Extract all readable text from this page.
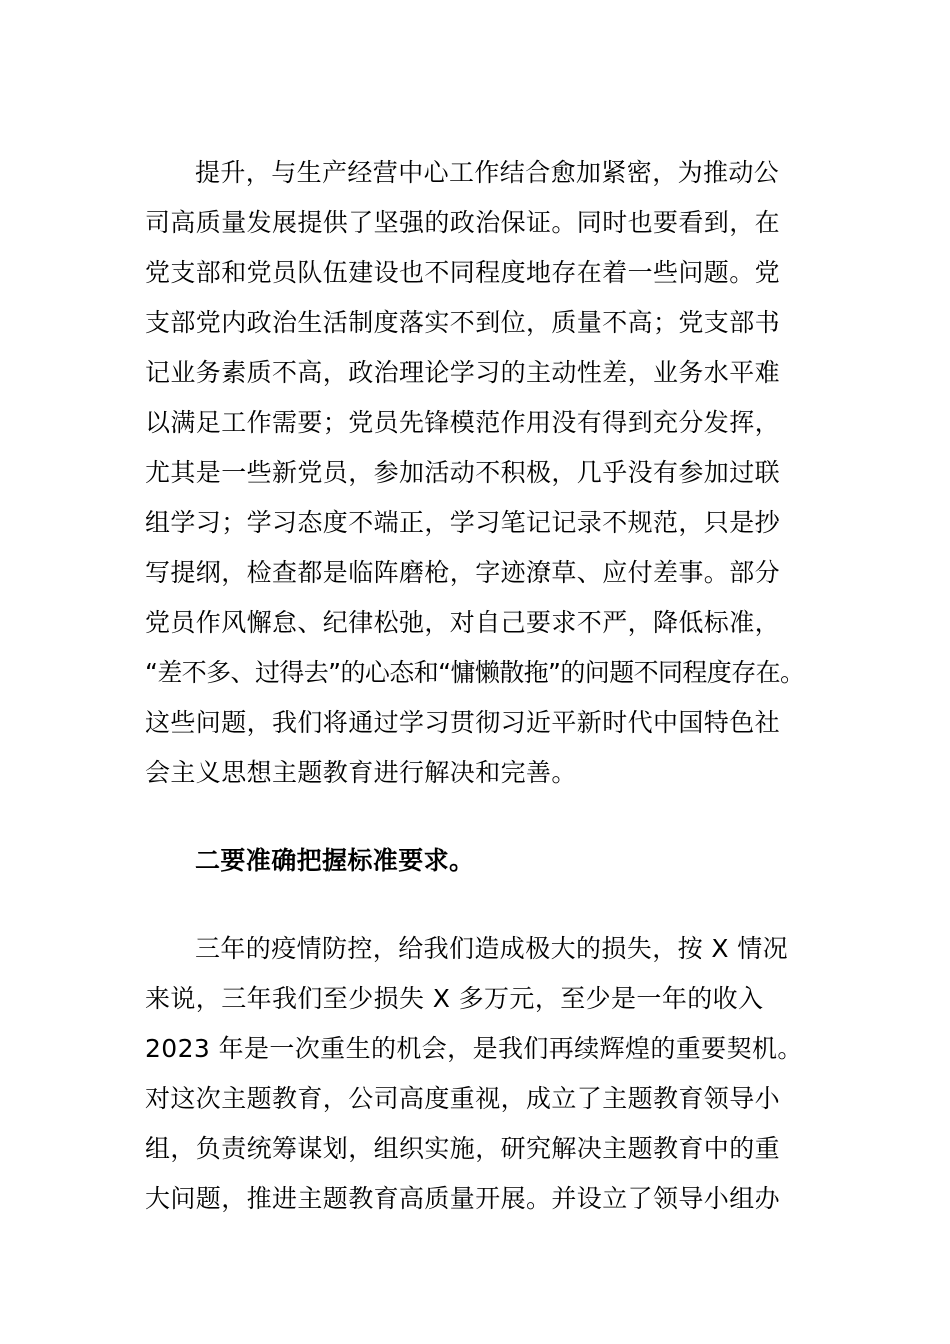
提升，与生产经营中心工作结合愈加紧密，为推动公
司高质量发展提供了坚强的政治保证。同时也要看到，在
党支部和党员队伍建设也不同程度地存在着一些问题。党
支部党内政治生活制度落实不到位，质量不高；党支部书
记业务素质不高，政治理论学习的主动性差，业务水平难
以满足工作需要；党员先锋模范作用没有得到充分发挥，
尤其是一些新党员，参加活动不积极，几乎没有参加过联
组学习；学习态度不端正，学习笔记记录不规范，只是抄
写提纲，检查都是临阵磨枪，字迹潦草、应付差事。部分
党员作风懈怠、纪律松弛，对自己要求不严，降低标准，
“差不多、过得去”的心态和“慵懒散拖”的问题不同程度存在。
这些问题，我们将通过学习贯彻习近平新时代中国特色社
会主义思想主题教育进行解决和完善。
二要准确把握标准要求。
三年的疫情防控，给我们造成极大的损失，按 X 情况
来说，三年我们至少损失 X 多万元，至少是一年的收入
2023 年是一次重生的机会，是我们再续辉煌的重要契机。
对这次主题教育，公司高度重视，成立了主题教育领导小
组，负责统筹谋划，组织实施，研究解决主题教育中的重
大问题，推进主题教育高质量开展。并设立了领导小组办
